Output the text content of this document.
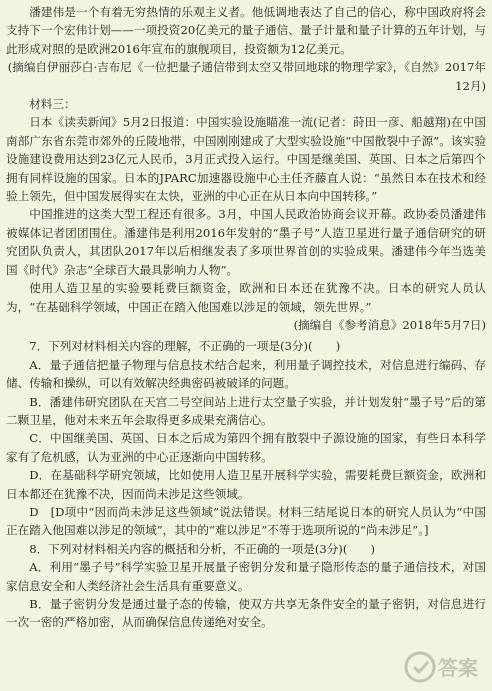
潘建伟是一个有着无穷热情的乐观主义者。他低调地表达了自己的信心，称中国政府将会支持下一个宏伟计划——一项投资20亿美元的量子通信、量子计量和量子计算的五年计划，与此形成对照的是欧洲2016年宣布的旗舰项目，投资额为12亿美元。

(摘编自伊丽莎白·吉布尼《一位把量子通信带到太空又带回地球的物理学家》，《自然》2017年12月)

材料三：

日本《读卖新闻》5月2日报道：中国实验设施瞄准一流(记者：莳田一彦、船越翔)在中国南部广东省东莞市郊外的丘陵地带，中国刚刚建成了大型实验设施“中国散裂中子源”。该实验设施建设费用达到23亿元人民币，3月正式投入运行。中国是继美国、英国、日本之后第四个拥有同样设施的国家。日本的JPARC加速器设施中心主任齐藤直人说：“虽然日本在技术和经验上领先，但中国发展得实在太快，亚洲的中心正在从日本向中国转移。”

中国推进的这类大型工程还有很多。3月，中国人民政治协商会议开幕。政协委员潘建伟被媒体记者团团围住。潘建伟是利用2016年发射的“墨子号”人造卫星进行量子通信研究的研究团队负责人，其团队2017年以后相继发表了多项世界首创的实验成果。潘建伟今年当选美国《时代》杂志“全球百大最具影响力人物”。

使用人造卫星的实验要耗费巨额资金，欧洲和日本还在犹豫不决。日本的研究人员认为，“在基础科学领域，中国正在踏入他国难以涉足的领域，领先世界。”

(摘编自《参考消息》2018年5月7日)

7．下列对材料相关内容的理解，不正确的一项是(3分)(　　)

A．量子通信把量子物理与信息技术结合起来，利用量子调控技术，对信息进行编码、存储、传输和操纵，可以有效解决经典密码被破译的问题。

B．潘建伟研究团队在天宫二号空间站上进行太空量子实验，并计划发射“墨子号”后的第二颗卫星，他对未来五年会取得更多成果充满信心。

C．中国继美国、英国、日本之后成为第四个拥有散裂中子源设施的国家，有些日本科学家有了危机感，认为亚洲的中心正逐渐向中国转移。

D．在基础科学研究领域，比如使用人造卫星开展科学实验，需要耗费巨额资金，欧洲和日本都还在犹豫不决，因而尚未涉足这些领域。

D　[D项中“因而尚未涉足这些领域”说法错误。材料三结尾说日本的研究人员认为“中国正在踏入他国难以涉足的领域”，其中的“难以涉足”不等于选项所说的“尚未涉足”。]

8．下列对材料相关内容的概括和分析，不正确的一项是(3分)(　　)

A．利用“墨子号”科学实验卫星开展量子密钥分发和量子隐形传态的量子通信技术，对国家信息安全和人类经济社会生活具有重要意义。

B．量子密钥分发是通过量子态的传输，使双方共享无条件安全的量子密钥，对信息进行一次一密的严格加密，从而确保信息传递绝对安全。

答案
